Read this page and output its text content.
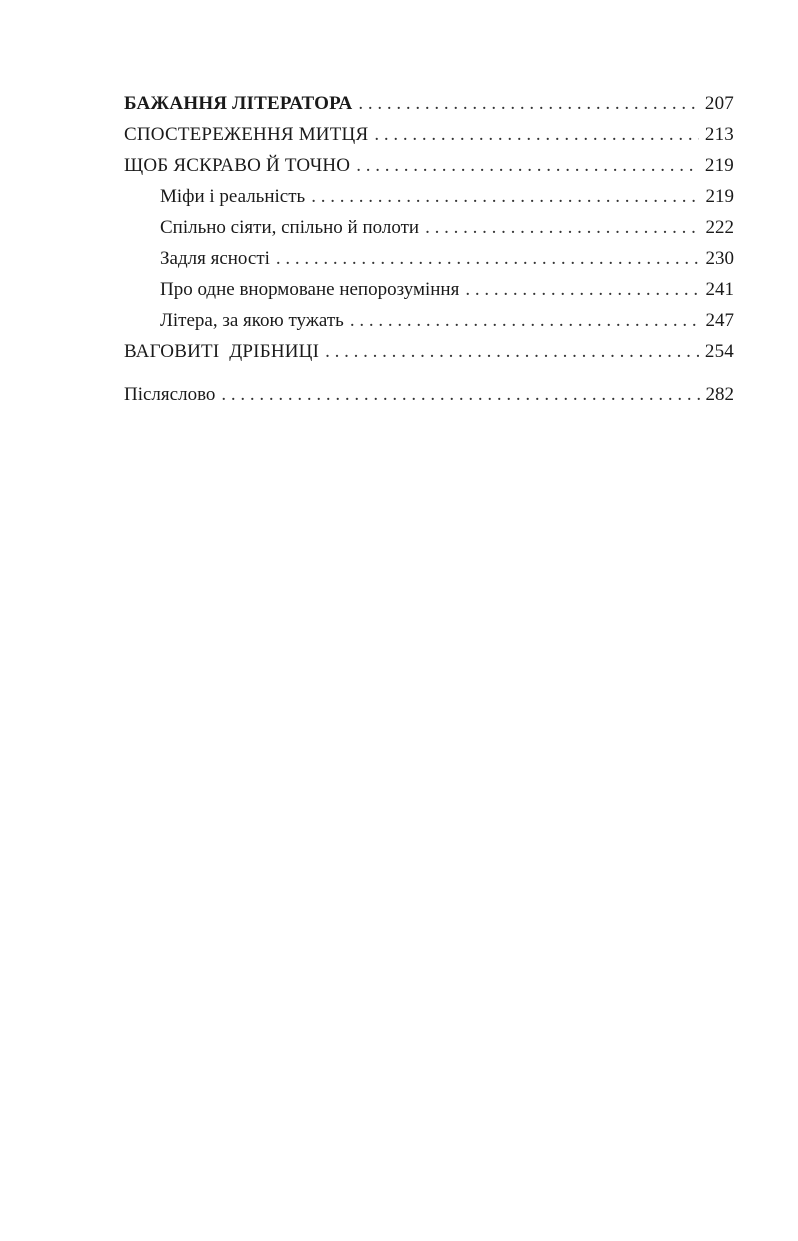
БАЖАННЯ ЛІТЕРАТОРА . . .	207
СПОСТЕРЕЖЕННЯ МИТЦЯ . . .	213
ЩОБ ЯСКРАВО Й ТОЧНО . . .	219
Міфи і реальність . . .	219
Спільно сіяти, спільно й полоти . . .	222
Задля ясності . . .	230
Про одне внормоване непорозуміння . . .	241
Літера, за якою тужать . . .	247
ВАГОВИТІ  ДРІБНИЦІ . . .	254
Післяслово . . .	282
